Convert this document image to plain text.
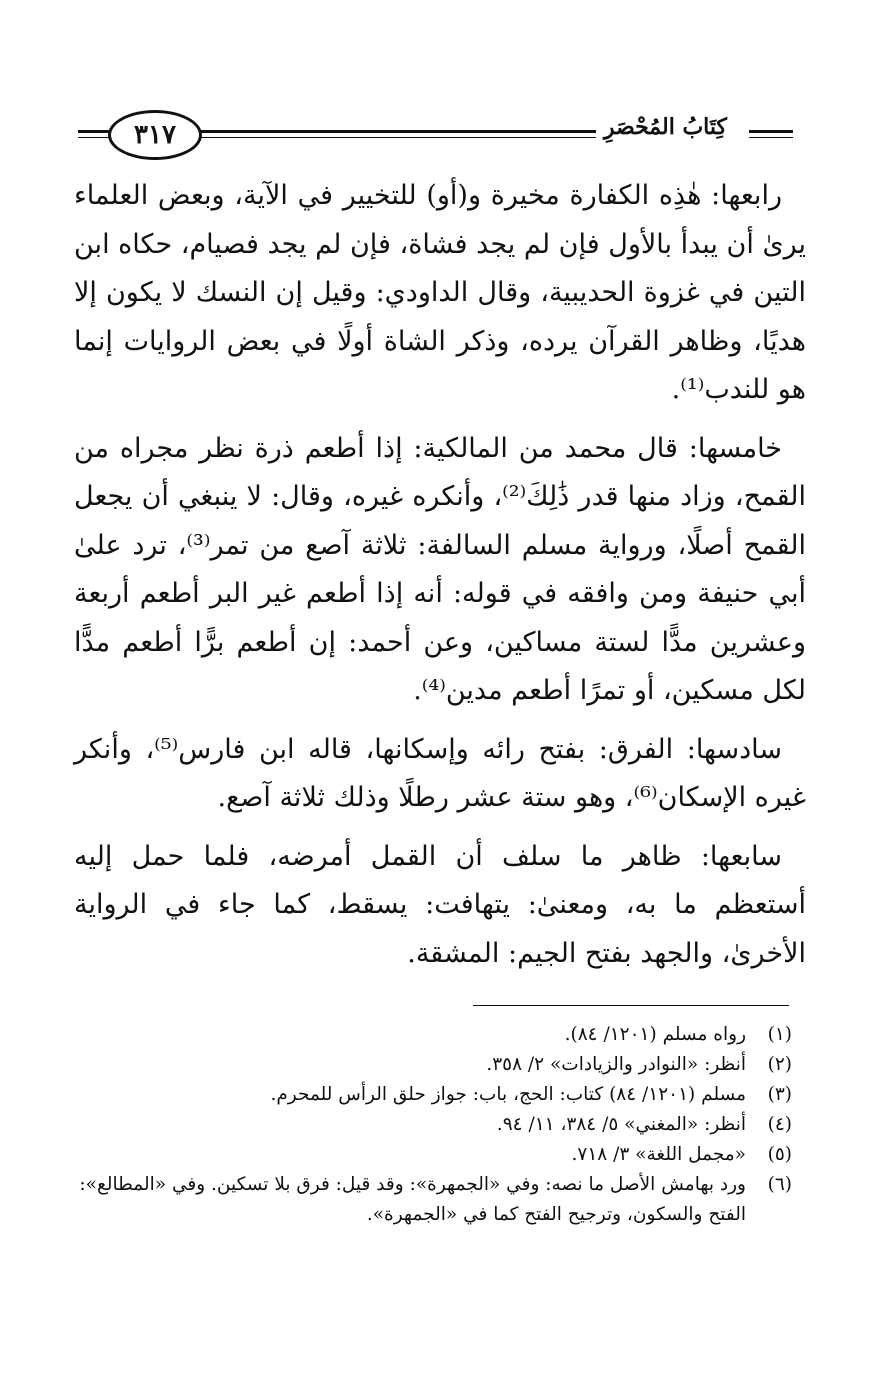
٣١٧	كِتَابُ المُحْصَرِ

رابعها: هٰذِه الكفارة مخيرة و(أو) للتخيير في الآية، وبعض العلماء يرىٰ أن يبدأ بالأول فإن لم يجد فشاة، فإن لم يجد فصيام، حكاه ابن التين في غزوة الحديبية، وقال الداودي: وقيل إن النسك لا يكون إلا هديًا، وظاهر القرآن يرده، وذكر الشاة أولًا في بعض الروايات إنما هو للندب⁽¹⁾.

خامسها: قال محمد من المالكية: إذا أطعم ذرة نظر مجراه من القمح، وزاد منها قدر ذَٰلِكَ⁽²⁾، وأنكره غيره، وقال: لا ينبغي أن يجعل القمح أصلًا، ورواية مسلم السالفة: ثلاثة آصع من تمر⁽³⁾، ترد علىٰ أبي حنيفة ومن وافقه في قوله: أنه إذا أطعم غير البر أطعم أربعة وعشرين مدًّا لستة مساكين، وعن أحمد: إن أطعم برًّا أطعم مدًّا لكل مسكين، أو تمرًا أطعم مدين⁽⁴⁾.

سادسها: الفرق: بفتح رائه وإسكانها، قاله ابن فارس⁽⁵⁾، وأنكر غيره الإسكان⁽⁶⁾، وهو ستة عشر رطلًا وذلك ثلاثة آصع.

سابعها: ظاهر ما سلف أن القمل أمرضه، فلما حمل إليه أستعظم ما به، ومعنىٰ: يتهافت: يسقط، كما جاء في الرواية الأخرىٰ، والجهد بفتح الجيم: المشقة.

(١)
رواه مسلم (١٢٠١/ ٨٤).
(٢)
أنظر: «النوادر والزيادات» ٢/ ٣٥٨.
(٣)
مسلم (١٢٠١/ ٨٤) كتاب: الحج، باب: جواز حلق الرأس للمحرم.
(٤)
أنظر: «المغني» ٥/ ٣٨٤، ١١/ ٩٤.
(٥)
«مجمل اللغة» ٣/ ٧١٨.
(٦)
ورد بهامش الأصل ما نصه: وفي «الجمهرة»: وقد قيل: فرق بلا تسكين. وفي «المطالع»: الفتح والسكون، وترجيح الفتح كما في «الجمهرة».
